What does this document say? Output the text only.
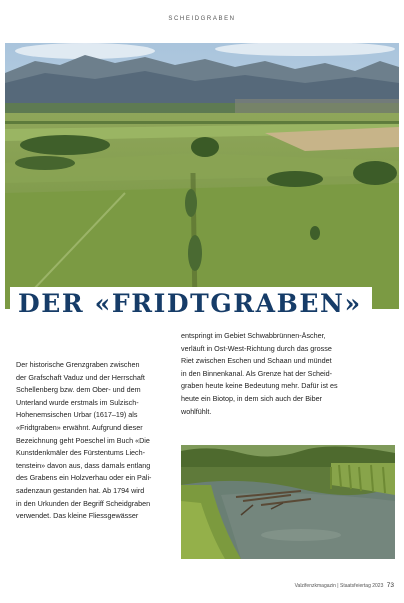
SCHEIDGRABEN
DER «FRIDTGRABEN»
Der historische Grenzgraben zwischen
der Grafschaft Vaduz und der Herrschaft
Schellenberg bzw. dem Ober- und dem
Unterland wurde erstmals im Sulzisch-
Hohenemsischen Urbar (1617–19) als
«Fridtgraben» erwähnt. Aufgrund dieser
Bezeichnung geht Poeschel im Buch «Die
Kunstdenkmäler des Fürstentums Liech-
tenstein» davon aus, dass damals entlang
des Grabens ein Holzverhau oder ein Pali-
sadenzaun gestanden hat. Ab 1794 wird
in den Urkunden der Begriff Scheidgraben
verwendet. Das kleine Fliessgewässer
entspringt im Gebiet Schwabbrünnen-Äscher,
verläuft in Ost-West-Richtung durch das grosse
Riet zwischen Eschen und Schaan und mündet
in den Binnenkanal. Als Grenze hat der Scheid-
graben heute keine Bedeutung mehr. Dafür ist es
heute ein Biotop, in dem sich auch der Biber
wohlfühlt.
Valzifenzkmagazin | Staatsfeiertag 2023 73
